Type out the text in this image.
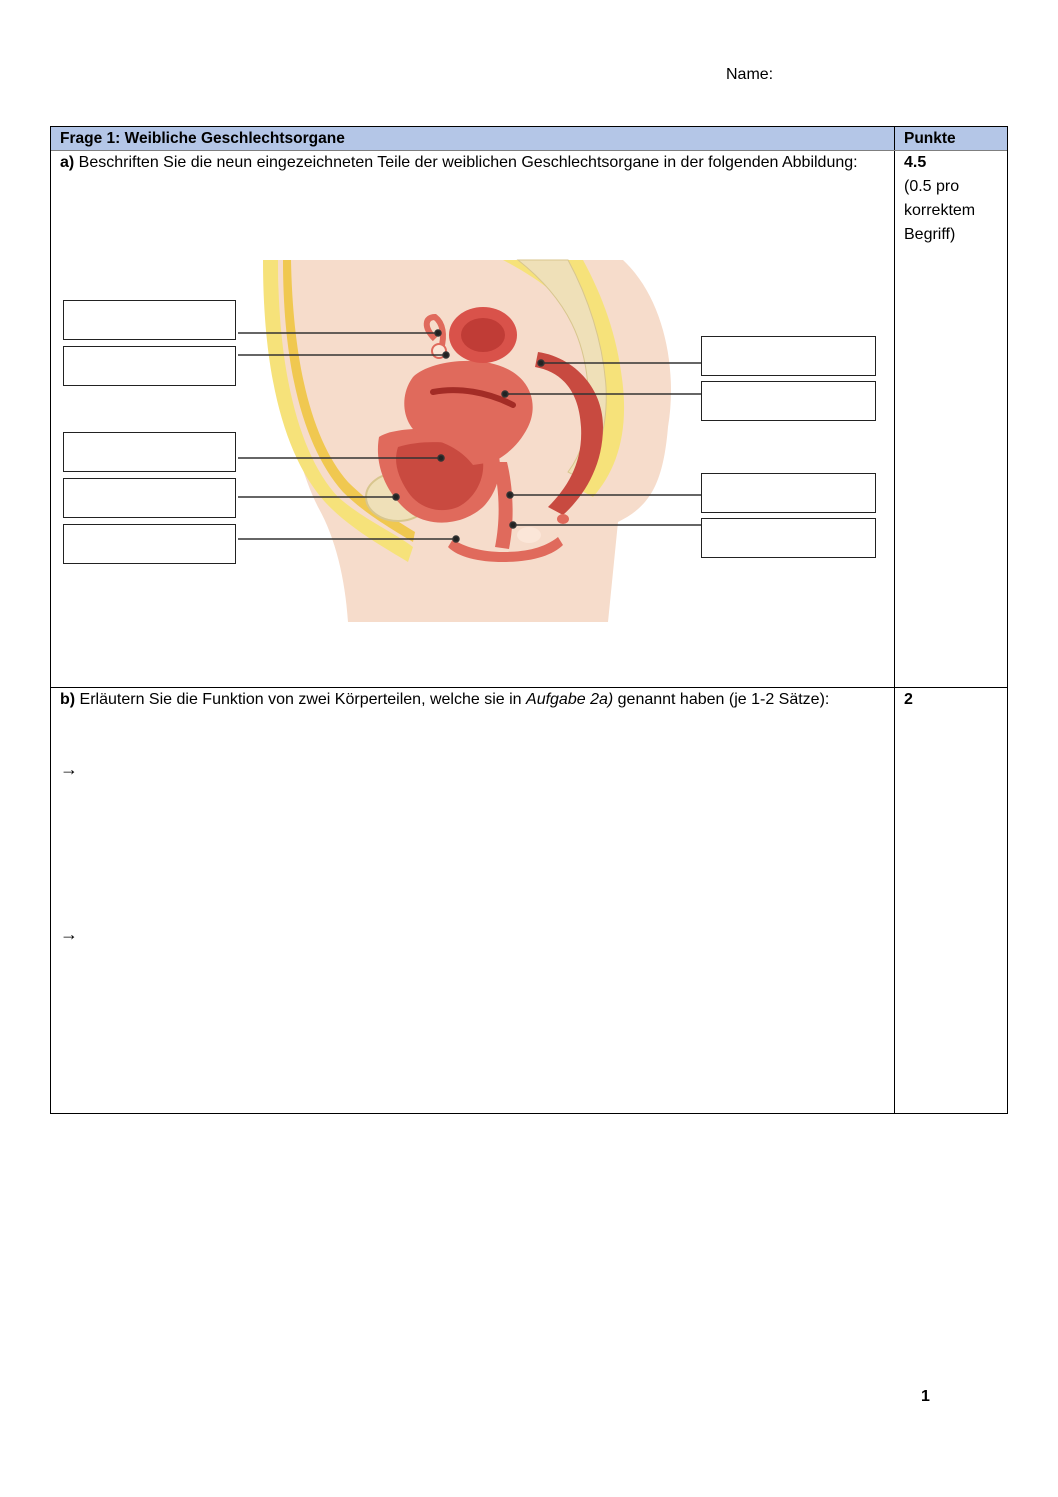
Name:
Frage 1: Weibliche Geschlechtsorgane	Punkte
a) Beschriften Sie die neun eingezeichneten Teile der weiblichen Geschlechtsorgane in der folgenden Abbildung:	4.5
(0.5 pro korrektem Begriff)
b) Erläutern Sie die Funktion von zwei Körperteilen, welche sie in Aufgabe 2a) genannt haben (je 1-2 Sätze):	2
→
→
1
